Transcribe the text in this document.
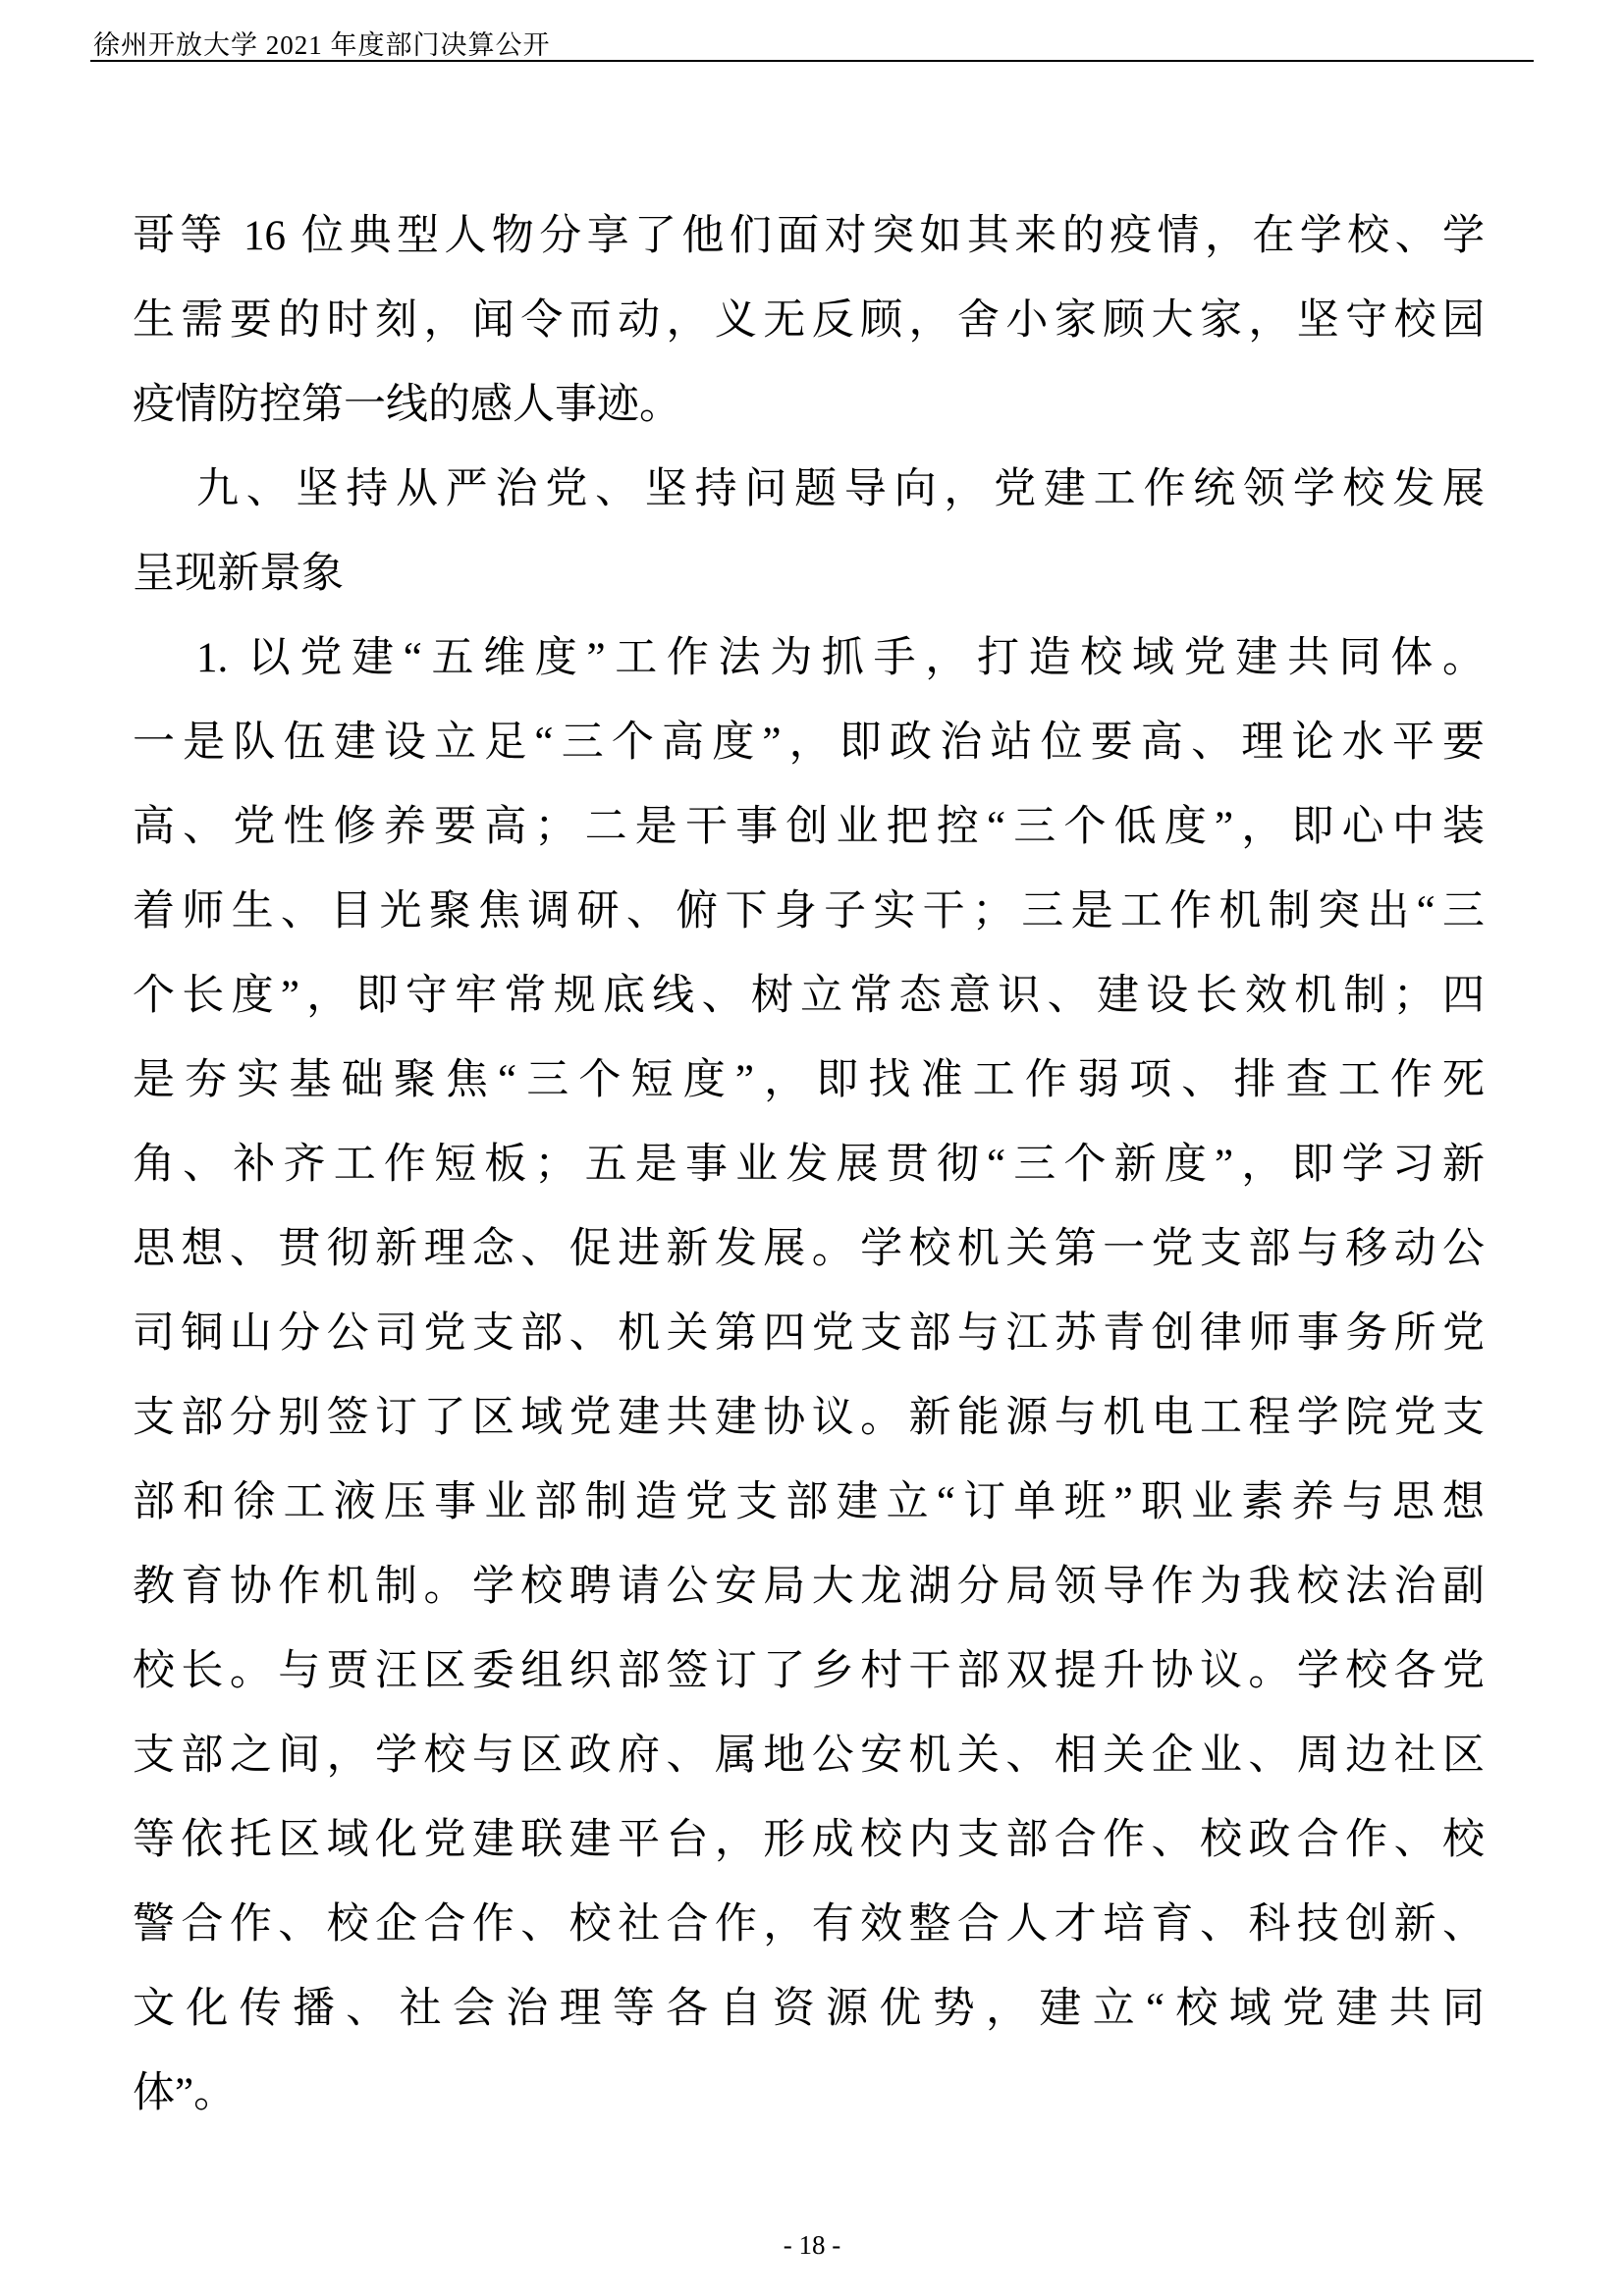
徐州开放大学 2021 年度部门决算公开
哥等 16 位典型人物分享了他们面对突如其来的疫情，在学校、学
生需要的时刻，闻令而动，义无反顾，舍小家顾大家，坚守校园
疫情防控第一线的感人事迹。
九、坚持从严治党、坚持问题导向，党建工作统领学校发展
呈现新景象
1. 以党建“五维度”工作法为抓手，打造校域党建共同体。
一是队伍建设立足“三个高度”，即政治站位要高、理论水平要
高、党性修养要高；二是干事创业把控“三个低度”，即心中装
着师生、目光聚焦调研、俯下身子实干；三是工作机制突出“三
个长度”，即守牢常规底线、树立常态意识、建设长效机制；四
是夯实基础聚焦“三个短度”，即找准工作弱项、排查工作死
角、补齐工作短板；五是事业发展贯彻“三个新度”，即学习新
思想、贯彻新理念、促进新发展。学校机关第一党支部与移动公
司铜山分公司党支部、机关第四党支部与江苏青创律师事务所党
支部分别签订了区域党建共建协议。新能源与机电工程学院党支
部和徐工液压事业部制造党支部建立“订单班”职业素养与思想
教育协作机制。学校聘请公安局大龙湖分局领导作为我校法治副
校长。与贾汪区委组织部签订了乡村干部双提升协议。学校各党
支部之间，学校与区政府、属地公安机关、相关企业、周边社区
等依托区域化党建联建平台，形成校内支部合作、校政合作、校
警合作、校企合作、校社合作，有效整合人才培育、科技创新、
文化传播、社会治理等各自资源优势，建立“校域党建共同
体”。
- 18 -
